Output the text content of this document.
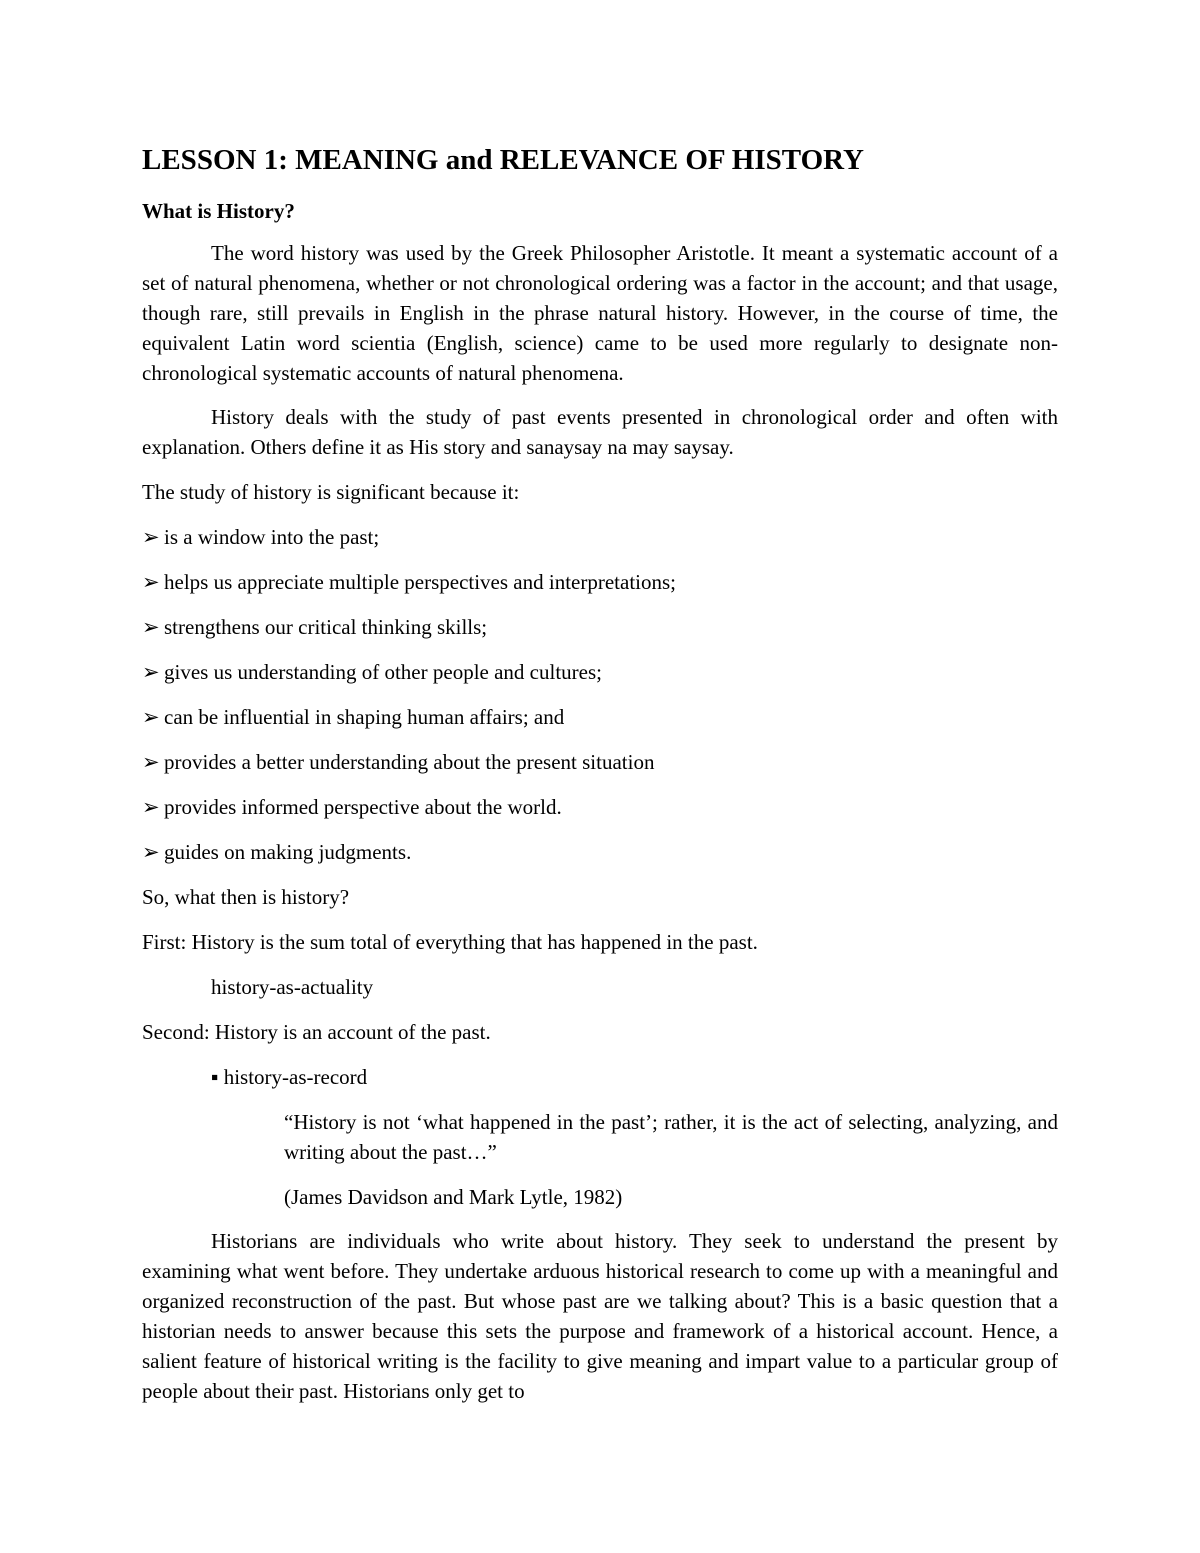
LESSON 1: MEANING and RELEVANCE OF HISTORY
What is History?

The word history was used by the Greek Philosopher Aristotle. It meant a systematic account of a set of natural phenomena, whether or not chronological ordering was a factor in the account; and that usage, though rare, still prevails in English in the phrase natural history. However, in the course of time, the equivalent Latin word scientia (English, science) came to be used more regularly to designate non-chronological systematic accounts of natural phenomena.

History deals with the study of past events presented in chronological order and often with explanation. Others define it as His story and sanaysay na may saysay.

The study of history is significant because it:

➢ is a window into the past;
➢ helps us appreciate multiple perspectives and interpretations;
➢ strengthens our critical thinking skills;
➢ gives us understanding of other people and cultures;
➢ can be influential in shaping human affairs; and
➢ provides a better understanding about the present situation
➢ provides informed perspective about the world.
➢ guides on making judgments.

So, what then is history?

First: History is the sum total of everything that has happened in the past.

history-as-actuality

Second: History is an account of the past.

▪ history-as-record

“History is not ‘what happened in the past’; rather, it is the act of selecting, analyzing, and writing about the past…”

(James Davidson and Mark Lytle, 1982)

Historians are individuals who write about history. They seek to understand the present by examining what went before. They undertake arduous historical research to come up with a meaningful and organized reconstruction of the past. But whose past are we talking about? This is a basic question that a historian needs to answer because this sets the purpose and framework of a historical account. Hence, a salient feature of historical writing is the facility to give meaning and impart value to a particular group of people about their past. Historians only get to
